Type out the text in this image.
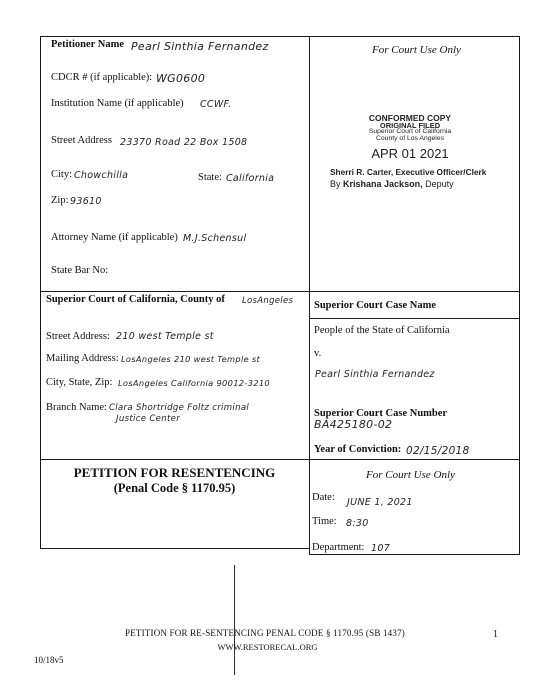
Petitioner Name Pearl Sinthia Fernandez
CDCR # (if applicable): WG0600
Institution Name (if applicable) CCWF.
Street Address 23370 Road 22 Box 1508
City: Chowchilla	State: California
Zip: 93610
Attorney Name (if applicable) M.J.Schensul
State Bar No:
For Court Use Only
CONFORMED COPY
ORIGINAL FILED
Superior Court of California
County of Los Angeles
APR 01 2021
Sherri R. Carter, Executive Officer/Clerk
By Krishana Jackson, Deputy
Superior Court of California, County of LosAngeles
Street Address: 210 west Temple st
Mailing Address: LosAngeles 210 west Temple st
City, State, Zip: LosAngeles California 90012-3210
Branch Name: Clara Shortridge Foltz criminal
Justice Center
Superior Court Case Name
People of the State of California
v.
Pearl Sinthia Fernandez
Superior Court Case Number
BA425180-02
Year of Conviction: 02/15/2018
PETITION FOR RESENTENCING
(Penal Code § 1170.95)
For Court Use Only
Date: JUNE 1, 2021
Time: 8:30
Department: 107
PETITION FOR RE-SENTENCING PENAL CODE § 1170.95 (SB 1437)
WWW.RESTORECAL.ORG
1
10/18v5
